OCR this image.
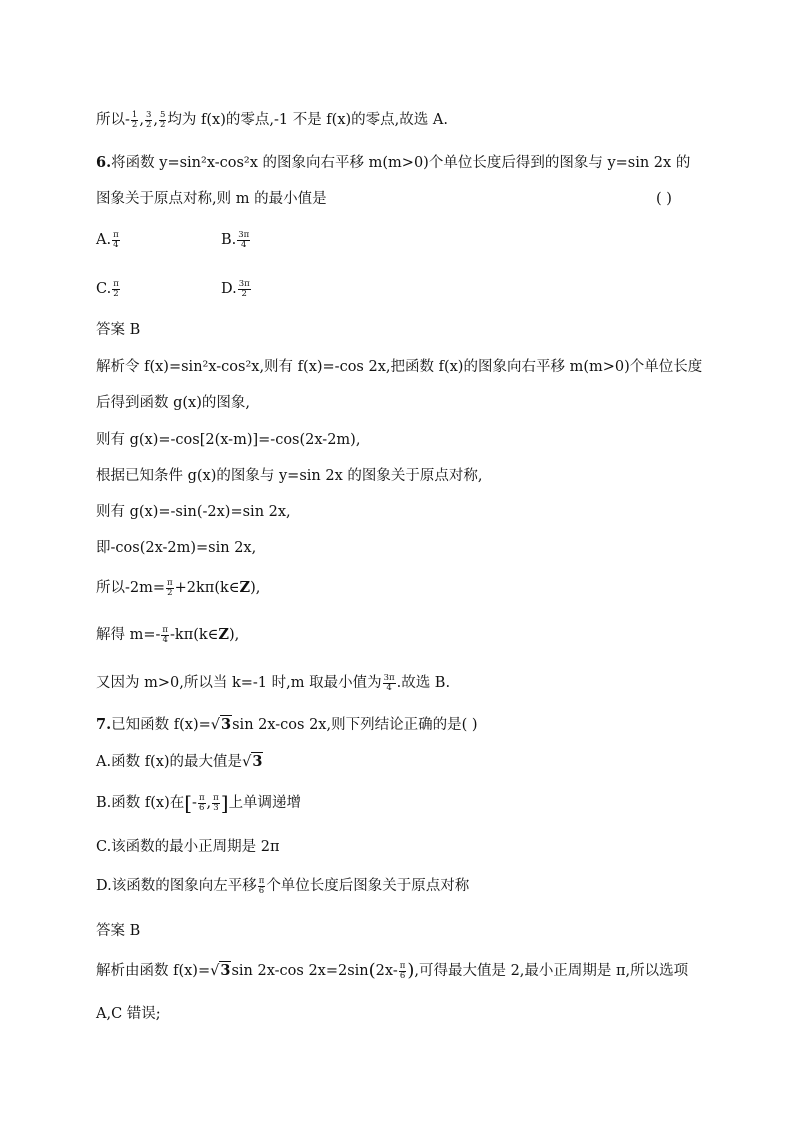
所以- $\frac{1}{2}$ , $\frac{3}{2}$ , $\frac{5}{2}$ 均为 f(x)的零点,-1 不是 f(x)的零点,故选 A.
6.将函数 y=sin²x-cos²x 的图象向右平移 m(m>0)个单位长度后得到的图象与 y=sin 2x 的
图象关于原点对称,则 m 的最小值是	( )
A. $\frac{\pi}{4}$	B. $\frac{3\pi}{4}$
C. $\frac{\pi}{2}$	D. $\frac{3\pi}{2}$
答案 B
解析令 f(x)=sin²x-cos²x,则有 f(x)=-cos 2x,把函数 f(x)的图象向右平移 m(m>0)个单位长度
后得到函数 g(x)的图象,
则有 g(x)=-cos[2(x-m)]=-cos(2x-2m),
根据已知条件 g(x)的图象与 y=sin 2x 的图象关于原点对称,
则有 g(x)=-sin(-2x)=sin 2x,
即-cos(2x-2m)=sin 2x,
所以$-2m= \frac{\pi}{2}$ +2kπ(k∈Z),
解得 $m=- \frac{\pi}{4}$ -kπ(k∈Z),
又因为 m>0,所以当 k=-1 时,m 取最小值为 $\frac{3\pi}{4}$ .故选 B.
7.已知函数 f(x)=√3sin 2x-cos 2x,则下列结论正确的是( )
A.函数 f(x)的最大值是√3
B.函数 f(x)在[- $\frac{\pi}{6}$ , $\frac{\pi}{3}$ ]上单调递增
C.该函数的最小正周期是 2π
D.该函数的图象向左平移 $\frac{\pi}{6}$ 个单位长度后图象关于原点对称
答案 B
解析由函数 f(x)=√3sin 2x-cos $2x=2\sin(2x- \frac{\pi}{6}$ ),可得最大值是 2,最小正周期是 π,所以选项
A,C 错误;
